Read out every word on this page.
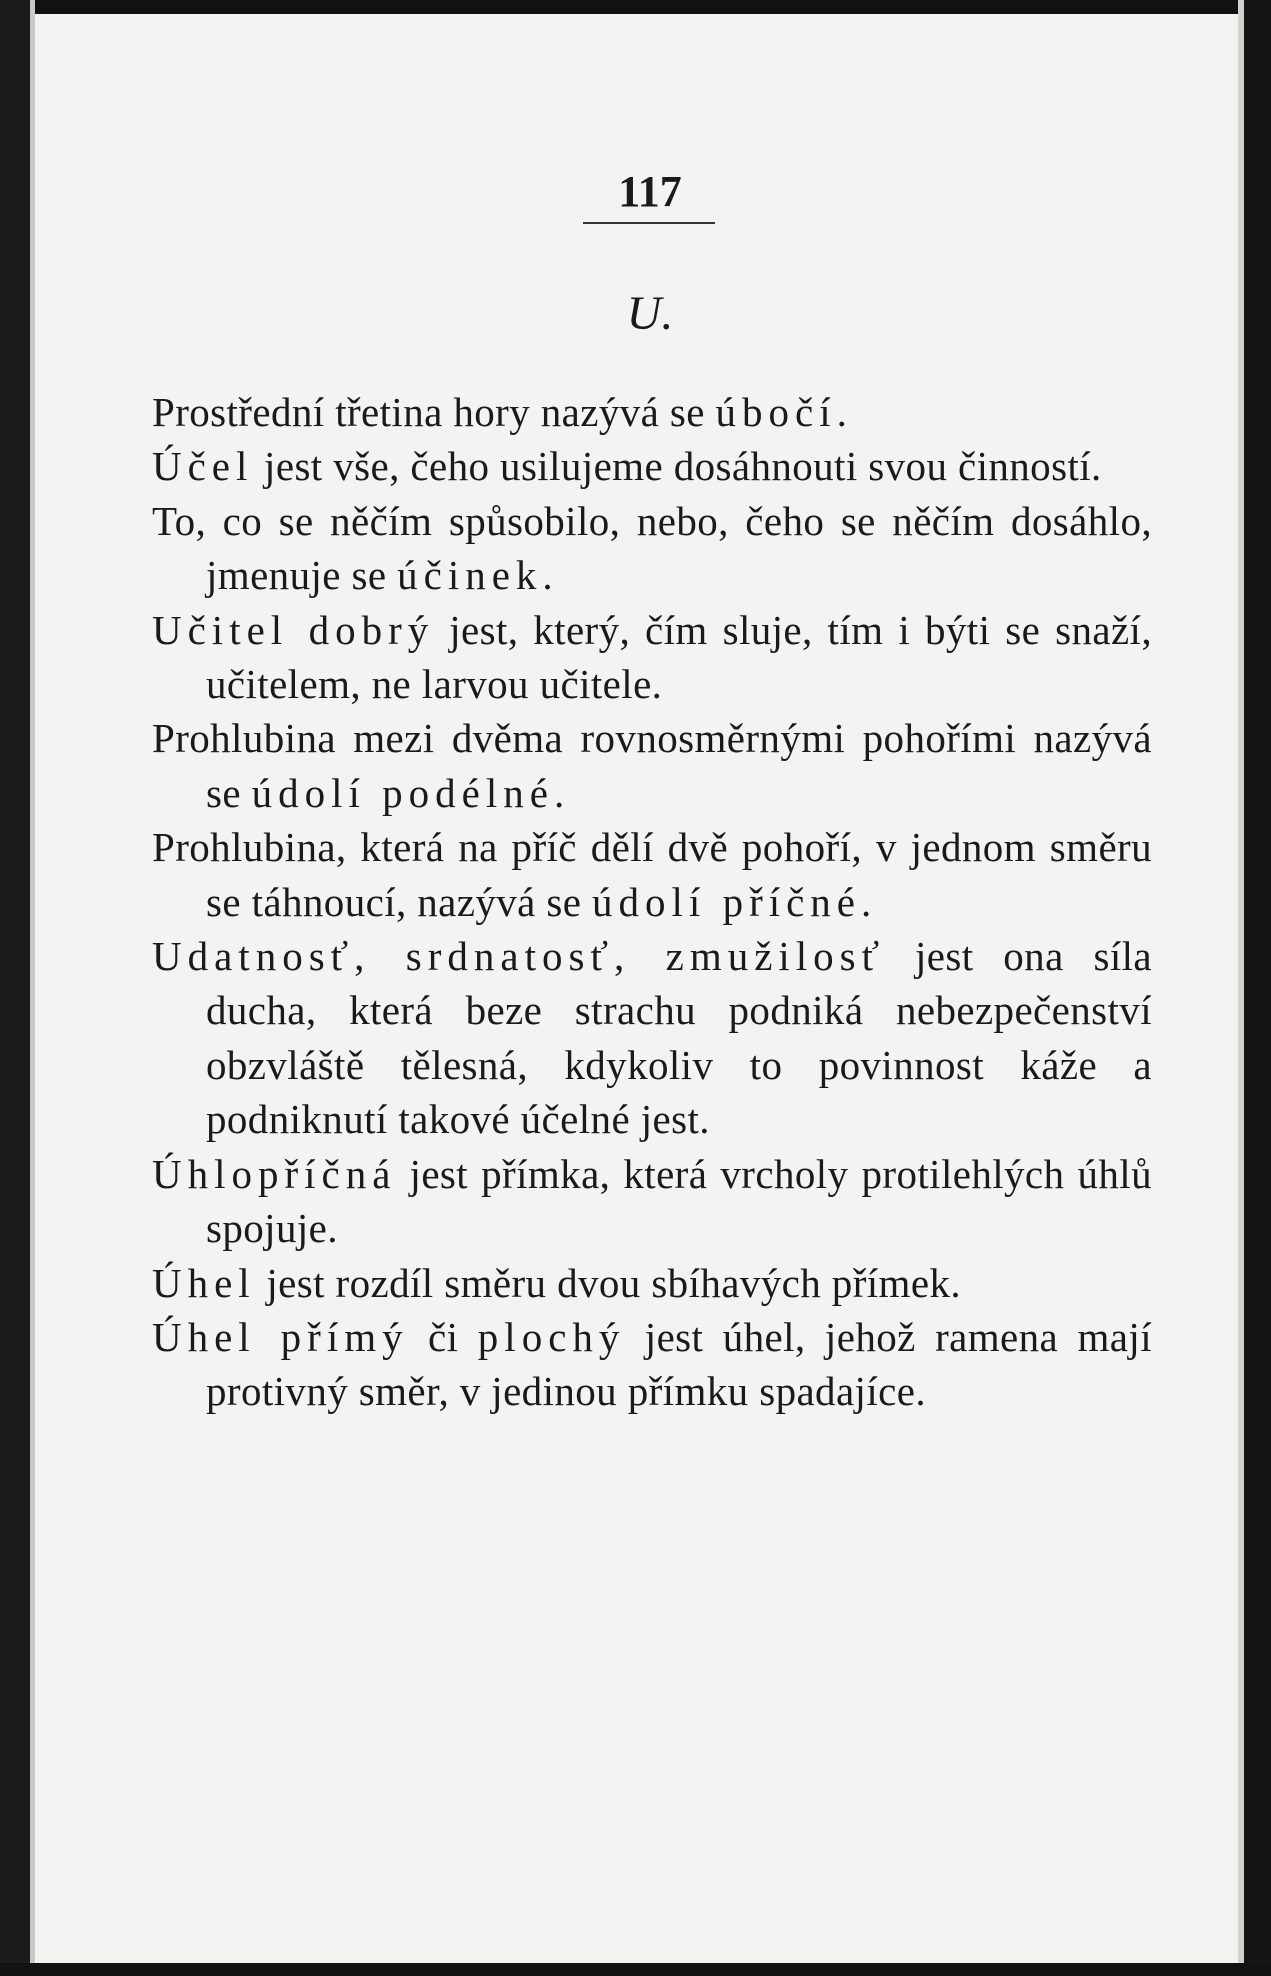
117
U.

Prostřední třetina hory nazývá se úbočí.

Účel jest vše, čeho usilujeme dosáhnouti svou činností.

To, co se něčím spůsobilo, nebo, čeho se něčím dosáhlo, jmenuje se účinek.

Učitel dobrý jest, který, čím sluje, tím i býti se snaží, učitelem, ne larvou učitele.

Prohlubina mezi dvěma rovnosměrnými pohořími nazývá se údolí podélné.

Prohlubina, která na příč dělí dvě pohoří, v jednom směru se táhnoucí, nazývá se údolí příčné.

Udatnosť, srdnatosť, zmužilosť jest ona síla ducha, která beze strachu podniká nebezpečenství obzvláště tělesná, kdykoliv to povinnost káže a podniknutí takové účelné jest.

Úhlopříčná jest přímka, která vrcholy protilehlých úhlů spojuje.

Úhel jest rozdíl směru dvou sbíhavých přímek.

Úhel přímý či plochý jest úhel, jehož ramena mají protivný směr, v jedinou přímku spadajíce.
